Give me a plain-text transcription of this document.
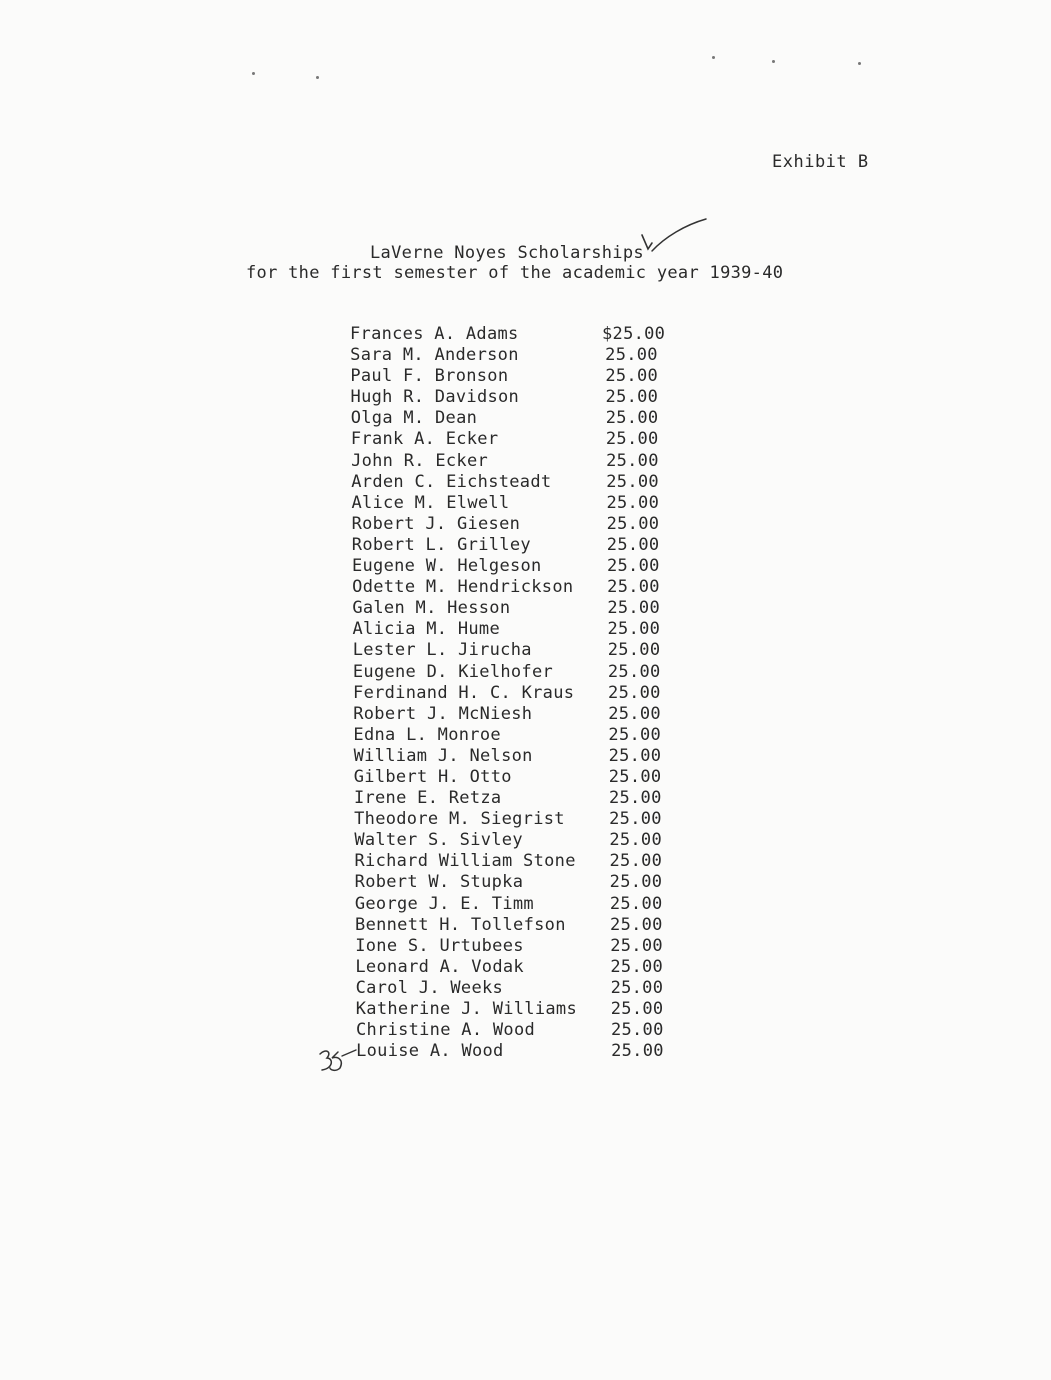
Exhibit B
LaVerne Noyes Scholarships
for the first semester of the academic year 1939-40
Frances A. Adams	$25.00
Sara M. Anderson	25.00
Paul F. Bronson	25.00
Hugh R. Davidson	25.00
Olga M. Dean	25.00
Frank A. Ecker	25.00
John R. Ecker	25.00
Arden C. Eichsteadt	25.00
Alice M. Elwell	25.00
Robert J. Giesen	25.00
Robert L. Grilley	25.00
Eugene W. Helgeson	25.00
Odette M. Hendrickson 25.00
Galen M. Hesson	25.00
Alicia M. Hume	25.00
Lester L. Jirucha	25.00
Eugene D. Kielhofer	25.00
Ferdinand H. C. Kraus 25.00
Robert J. McNiesh	25.00
Edna L. Monroe	25.00
William J. Nelson	25.00
Gilbert H. Otto	25.00
Irene E. Retza	25.00
Theodore M. Siegrist	25.00
Walter S. Sivley	25.00
Richard William Stone 25.00
Robert W. Stupka	25.00
George J. E. Timm	25.00
Bennett H. Tollefson	25.00
Ione S. Urtubees	25.00
Leonard A. Vodak	25.00
Carol J. Weeks	25.00
Katherine J. Williams 25.00
Christine A. Wood	25.00
Louise A. Wood	25.00
